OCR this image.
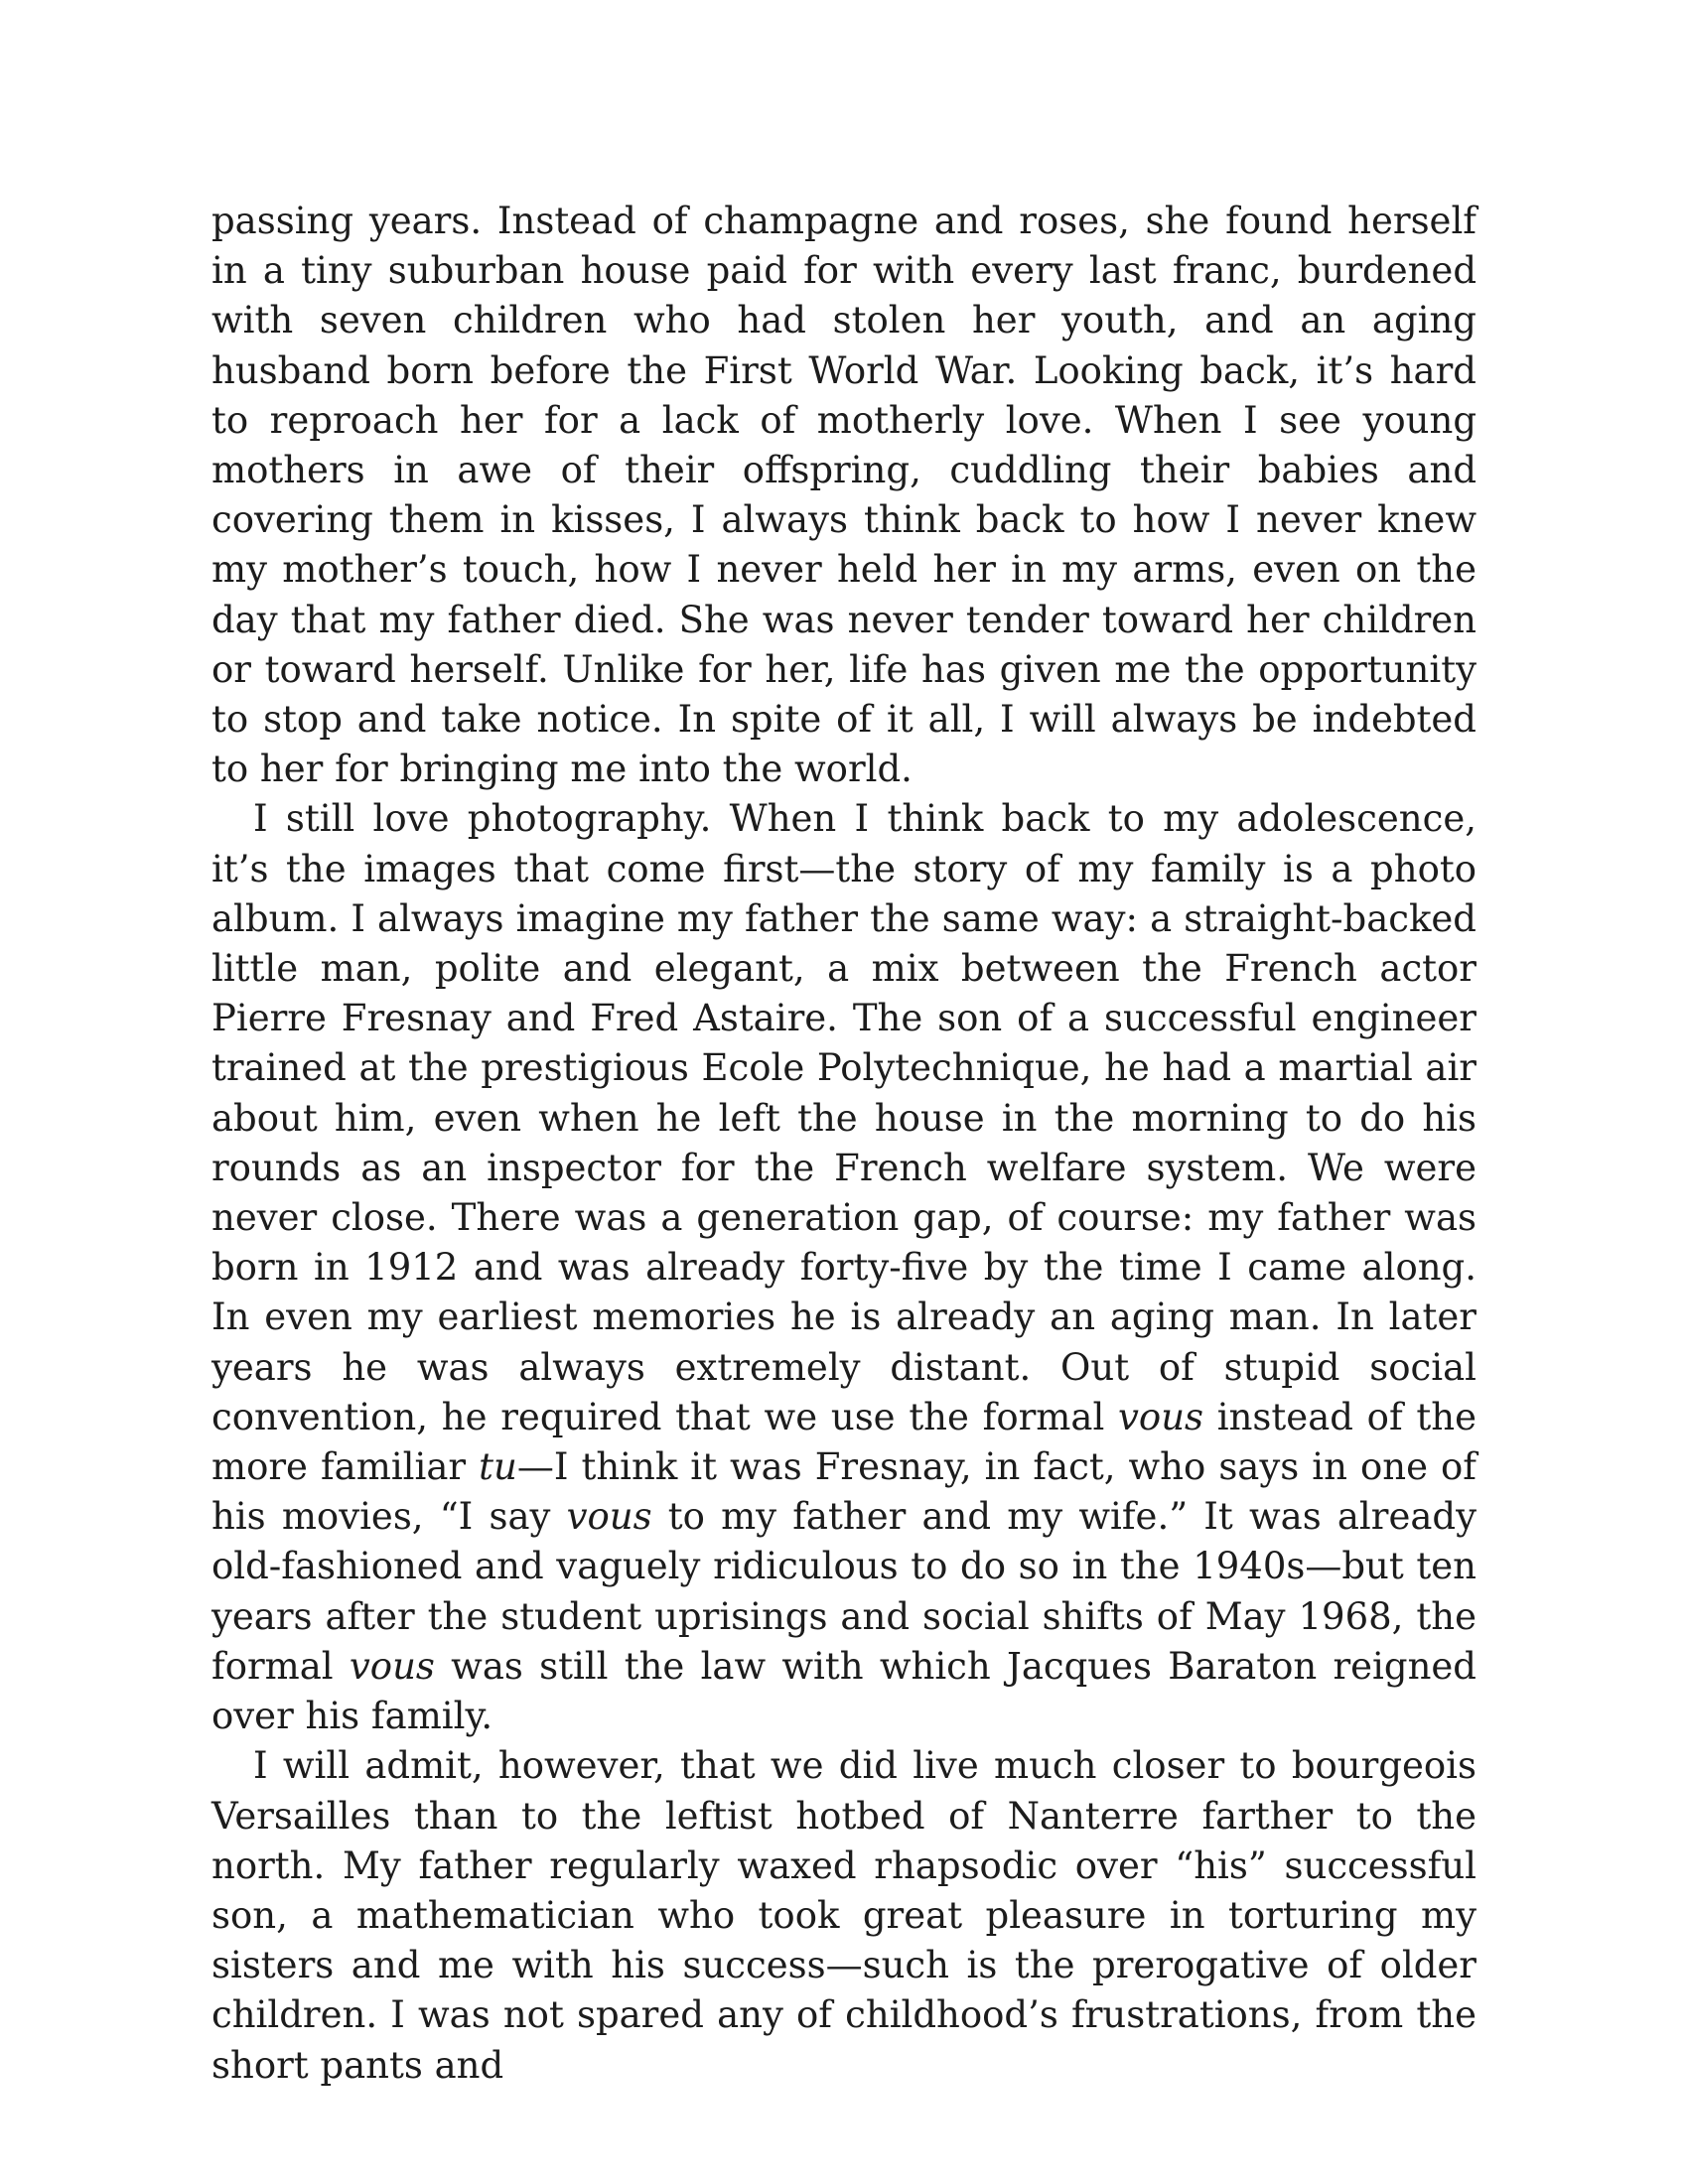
passing years. Instead of champagne and roses, she found herself in a tiny suburban house paid for with every last franc, burdened with seven children who had stolen her youth, and an aging husband born before the First World War. Looking back, it’s hard to reproach her for a lack of motherly love. When I see young mothers in awe of their offspring, cuddling their babies and covering them in kisses, I always think back to how I never knew my mother’s touch, how I never held her in my arms, even on the day that my father died. She was never tender toward her children or toward herself. Unlike for her, life has given me the opportunity to stop and take notice. In spite of it all, I will always be indebted to her for bringing me into the world.

I still love photography. When I think back to my adolescence, it’s the images that come first—the story of my family is a photo album. I always imagine my father the same way: a straight-backed little man, polite and elegant, a mix between the French actor Pierre Fresnay and Fred Astaire. The son of a successful engineer trained at the prestigious Ecole Polytechnique, he had a martial air about him, even when he left the house in the morning to do his rounds as an inspector for the French welfare system. We were never close. There was a generation gap, of course: my father was born in 1912 and was already forty-five by the time I came along. In even my earliest memories he is already an aging man. In later years he was always extremely distant. Out of stupid social convention, he required that we use the formal vous instead of the more familiar tu—I think it was Fresnay, in fact, who says in one of his movies, “I say vous to my father and my wife.” It was already old-fashioned and vaguely ridiculous to do so in the 1940s—but ten years after the student uprisings and social shifts of May 1968, the formal vous was still the law with which Jacques Baraton reigned over his family.

I will admit, however, that we did live much closer to bourgeois Versailles than to the leftist hotbed of Nanterre farther to the north. My father regularly waxed rhapsodic over “his” successful son, a mathematician who took great pleasure in torturing my sisters and me with his success—such is the prerogative of older children. I was not spared any of childhood’s frustrations, from the short pants and
